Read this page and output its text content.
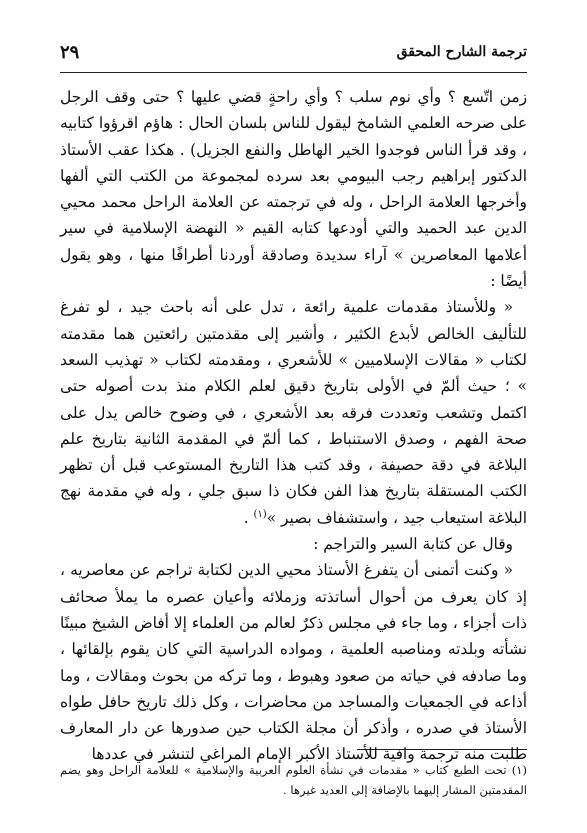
ترجمة الشارح المحقق
٢٩

زمن اتّسع ؟ وأي نوم سلب ؟ وأي راحةٍ قضي عليها ؟ حتى وقف الرجل على صرحه العلمي الشامخ ليقول للناس بلسان الحال : هاؤم اقرؤوا كتابيه ، وقد قرأ الناس فوجدوا الخير الهاطل والنفع الجزيل) . هكذا عقب الأستاذ الدكتور إبراهيم رجب البيومي بعد سرده لمجموعة من الكتب التي ألفها وأخرجها العلامة الراحل ، وله في ترجمته عن العلامة الراحل محمد محيي الدين عبد الحميد والتي أودعها كتابه القيم « النهضة الإسلامية في سير أعلامها المعاصرين » آراء سديدة وصادقة أوردنا أطرافًا منها ، وهو يقول أيضًا :

« وللأستاذ مقدمات علمية رائعة ، تدل على أنه باحث جيد ، لو تفرغ للتأليف الخالص لأبدع الكثير ، وأشير إلى مقدمتين رائعتين هما مقدمته لكتاب « مقالات الإسلاميين » للأشعري ، ومقدمته لكتاب « تهذيب السعد » ؛ حيث ألمّ في الأولى بتاريخ دقيق لعلم الكلام منذ بدت أصوله حتى اكتمل وتشعب وتعددت فرقه بعد الأشعري ، في وضوح خالص يدل على صحة الفهم ، وصدق الاستنباط ، كما ألمّ في المقدمة الثانية بتاريخ علم البلاغة في دقة حصيفة ، وقد كتب هذا التاريخ المستوعب قبل أن تظهر الكتب المستقلة بتاريخ هذا الفن فكان ذا سبق جلي ، وله في مقدمة نهج البلاغة استيعاب جيد ، واستشفاف بصير »$^{(١)}$ .

وقال عن كتابة السير والتراجم :

« وكنت أتمنى أن يتفرغ الأستاذ محيي الدين لكتابة تراجم عن معاصريه ، إذ كان يعرف من أحوال أساتذته وزملائه وأعيان عصره ما يملأ صحائف ذات أجزاء ، وما جاء في مجلس ذكرٌ لعالم من العلماء إلا أفاض الشيخ مبينًا نشأته وبلدته ومناصبه العلمية ، ومواده الدراسية التي كان يقوم بإلقائها ، وما صادفه في حياته من صعود وهبوط ، وما تركه من بحوث ومقالات ، وما أذاعه في الجمعيات والمساجد من محاضرات ، وكل ذلك تاريخ حافل طواه الأستاذ في صدره ، وأذكر أن مجلة الكتاب حين صدورها عن دار المعارف طلبت منه ترجمة وافية للأستاذ الأكبر الإمام المراغي لتنشر في عددها

(١) تحت الطبع كتاب « مقدمات في نشأة العلوم العربية والإسلامية » للعلامة الراحل وهو يضم المقدمتين المشار إليهما بالإضافة إلى العديد غيرها .
